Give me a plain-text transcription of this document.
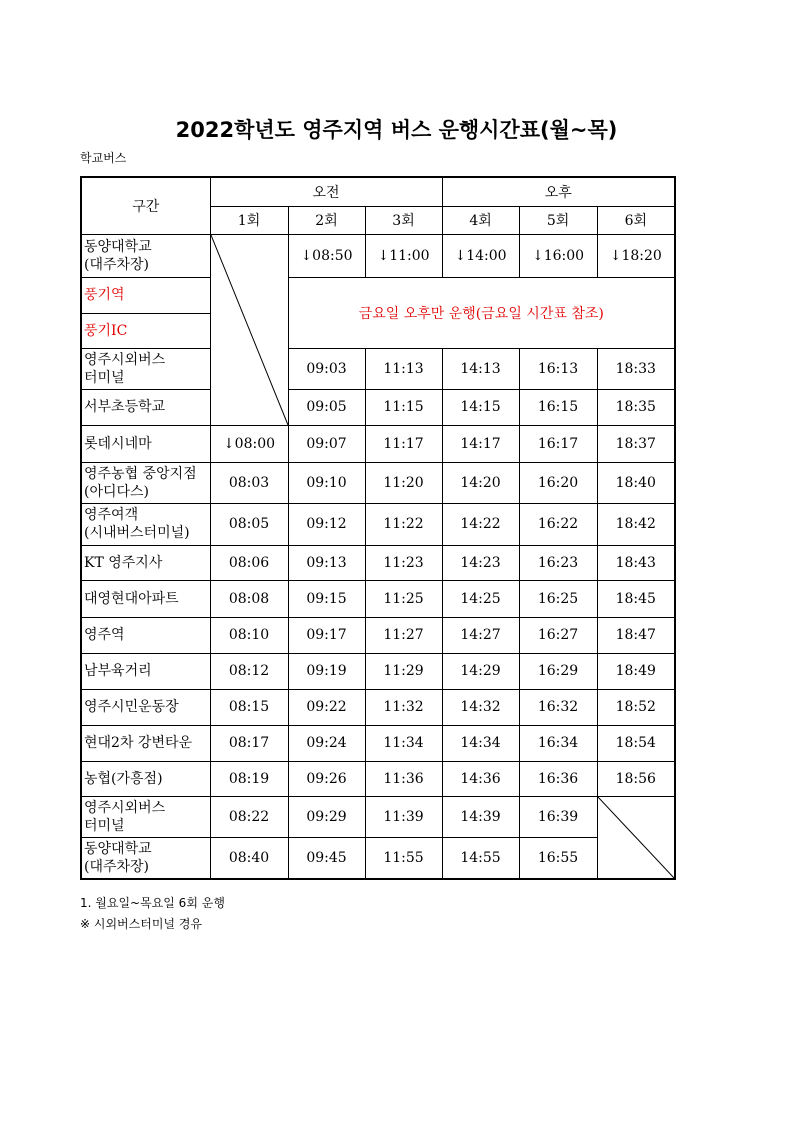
2022학년도 영주지역 버스 운행시간표(월~목)
학교버스
구간	오전			오후		
	1회	2회	3회	4회	5회	6회

동양대학교
(대주차장)		↓08:50	↓11:00	↓14:00	↓16:00	↓18:20

풍기역		금요일 오후만 운행(금요일 시간표 참조)				

풍기IC						

영주시외버스
터미널		09:03	11:13	14:13	16:13	18:33

서부초등학교		09:05	11:15	14:15	16:15	18:35

롯데시네마	↓08:00	09:07	11:17	14:17	16:17	18:37

영주농협 중앙지점
(아디다스)	08:03	09:10	11:20	14:20	16:20	18:40

영주여객
(시내버스터미널)	08:05	09:12	11:22	14:22	16:22	18:42

KT 영주지사	08:06	09:13	11:23	14:23	16:23	18:43

대영현대아파트	08:08	09:15	11:25	14:25	16:25	18:45

영주역	08:10	09:17	11:27	14:27	16:27	18:47

남부육거리	08:12	09:19	11:29	14:29	16:29	18:49

영주시민운동장	08:15	09:22	11:32	14:32	16:32	18:52

현대2차 강변타운	08:17	09:24	11:34	14:34	16:34	18:54

농협(가흥점)	08:19	09:26	11:36	14:36	16:36	18:56

영주시외버스
터미널	08:22	09:29	11:39	14:39	16:39	

동양대학교
(대주차장)	08:40	09:45	11:55	14:55	16:55	
1. 월요일~목요일 6회 운행
※ 시외버스터미널 경유
